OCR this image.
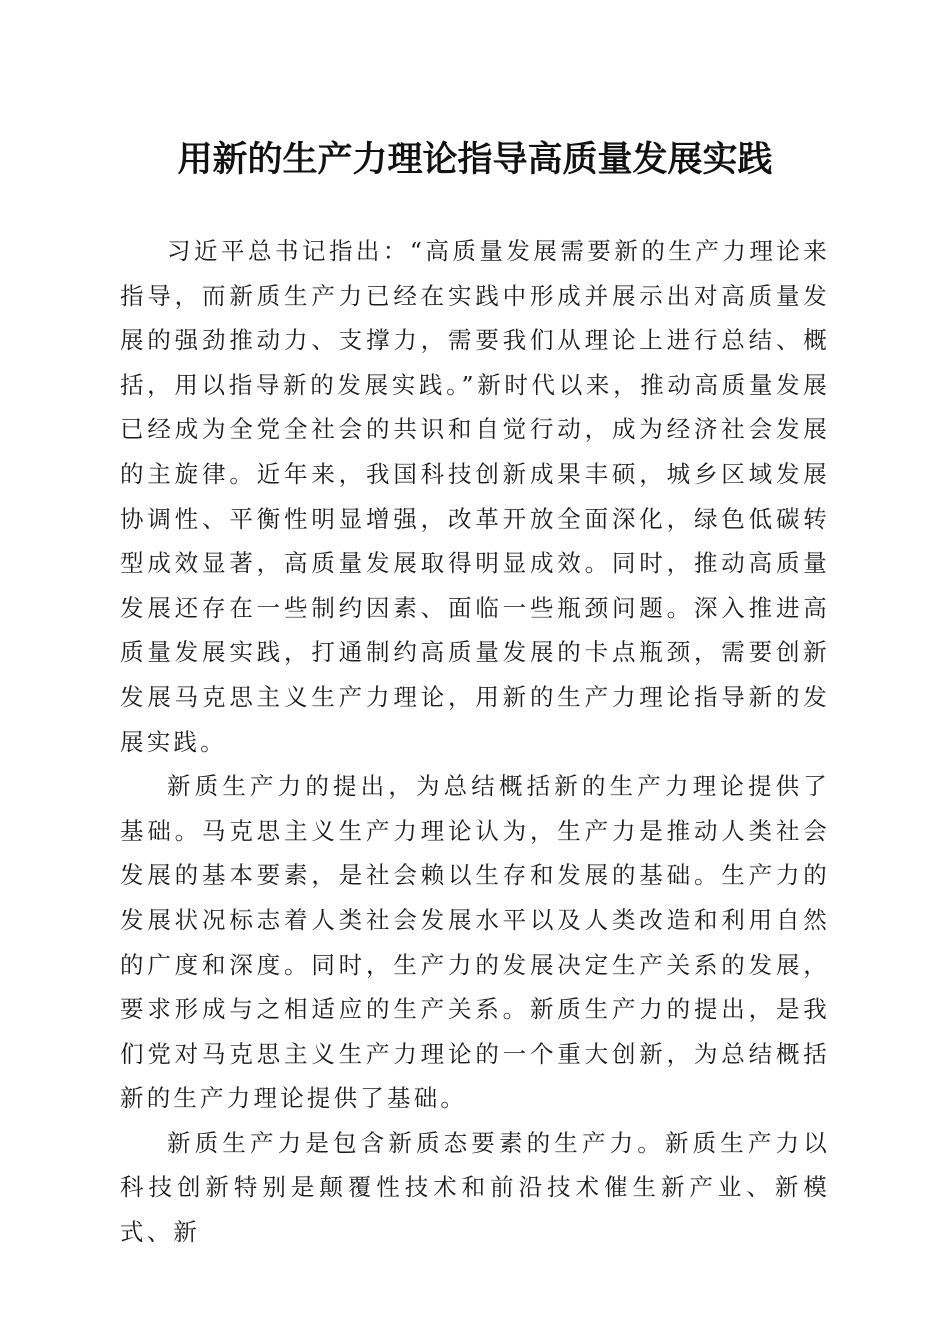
用新的生产力理论指导高质量发展实践

习近平总书记指出：“高质量发展需要新的生产力理论来指导，而新质生产力已经在实践中形成并展示出对高质量发展的强劲推动力、支撑力，需要我们从理论上进行总结、概括，用以指导新的发展实践。”新时代以来，推动高质量发展已经成为全党全社会的共识和自觉行动，成为经济社会发展的主旋律。近年来，我国科技创新成果丰硕，城乡区域发展协调性、平衡性明显增强，改革开放全面深化，绿色低碳转型成效显著，高质量发展取得明显成效。同时，推动高质量发展还存在一些制约因素、面临一些瓶颈问题。深入推进高质量发展实践，打通制约高质量发展的卡点瓶颈，需要创新发展马克思主义生产力理论，用新的生产力理论指导新的发展实践。

新质生产力的提出，为总结概括新的生产力理论提供了基础。马克思主义生产力理论认为，生产力是推动人类社会发展的基本要素，是社会赖以生存和发展的基础。生产力的发展状况标志着人类社会发展水平以及人类改造和利用自然的广度和深度。同时，生产力的发展决定生产关系的发展，要求形成与之相适应的生产关系。新质生产力的提出，是我们党对马克思主义生产力理论的一个重大创新，为总结概括新的生产力理论提供了基础。

新质生产力是包含新质态要素的生产力。新质生产力以科技创新特别是颠覆性技术和前沿技术催生新产业、新模式、新
